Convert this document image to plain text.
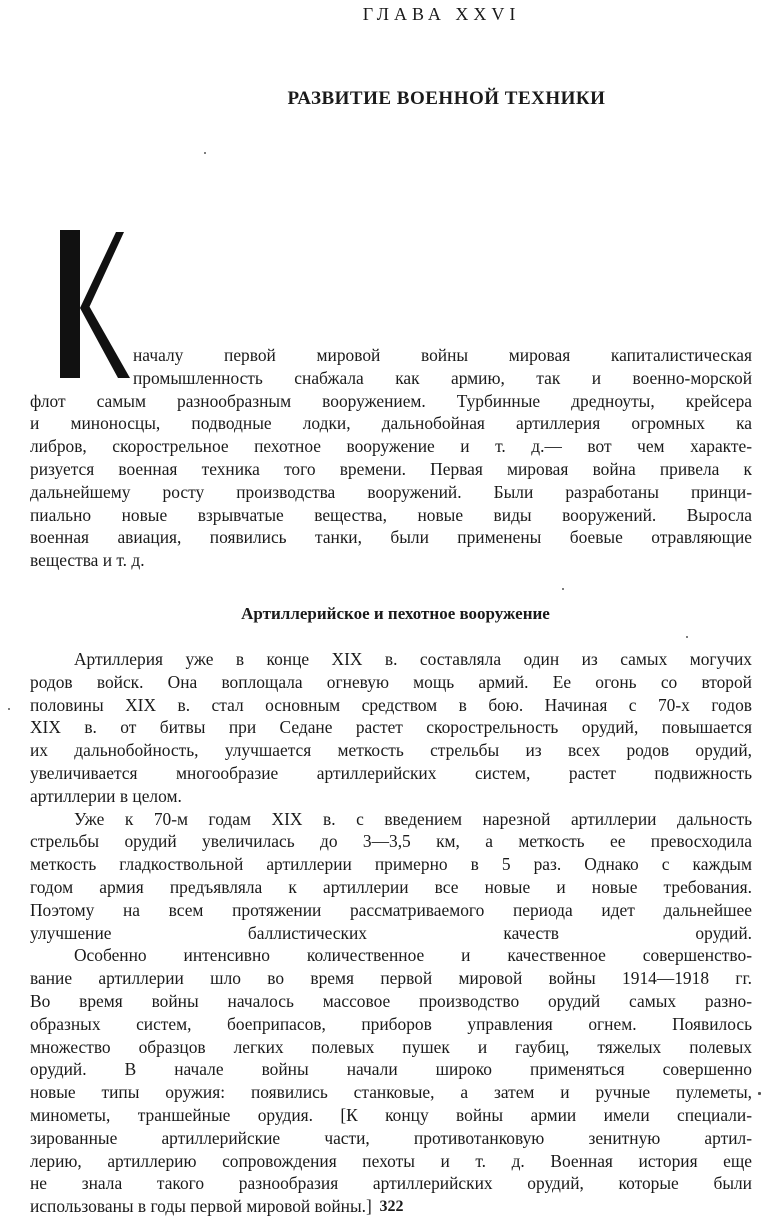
ГЛАВА XXVI
РАЗВИТИЕ ВОЕННОЙ ТЕХНИКИ
началу первой мировой войны мировая капиталистическая
промышленность снабжала как армию, так и военно-морской
флот самым разнообразным вооружением. Турбинные дредноуты, крейсера
и миноносцы, подводные лодки, дальнобойная артиллерия огромных ка
либров, скорострельное пехотное вооружение и т. д.— вот чем характе-
ризуется военная техника того времени. Первая мировая война привела к
дальнейшему росту производства вооружений. Были разработаны принци-
пиально новые взрывчатые вещества, новые виды вооружений. Выросла
военная авиация, появились танки, были применены боевые отравляющие
вещества и т. д.
Артиллерийское и пехотное вооружение
Артиллерия уже в конце XIX в. составляла один из самых могучих
родов войск. Она воплощала огневую мощь армий. Ее огонь со второй
половины XIX в. стал основным средством в бою. Начиная с 70-х годов
XIX в. от битвы при Седане растет скорострельность орудий, повышается
их дальнобойность, улучшается меткость стрельбы из всех родов орудий,
увеличивается многообразие артиллерийских систем, растет подвижность
артиллерии в целом.
Уже к 70-м годам XIX в. с введением нарезной артиллерии дальность
стрельбы орудий увеличилась до 3—3,5 км, а меткость ее превосходила
меткость гладкоствольной артиллерии примерно в 5 раз. Однако с каждым
годом армия предъявляла к артиллерии все новые и новые требования.
Поэтому на всем протяжении рассматриваемого периода идет дальнейшее
улучшение баллистических качеств орудий.
Особенно интенсивно количественное и качественное совершенство-
вание артиллерии шло во время первой мировой войны 1914—1918 гг.
Во время войны началось массовое производство орудий самых разно-
образных систем, боеприпасов, приборов управления огнем. Появилось
множество образцов легких полевых пушек и гаубиц, тяжелых полевых
орудий. В начале войны начали широко применяться совершенно
новые типы оружия: появились станковые, а затем и ручные пулеметы,
минометы, траншейные орудия. [К концу войны армии имели специали-
зированные артиллерийские части, противотанковую зенитную артил-
лерию, артиллерию сопровождения пехоты и т. д. Военная история еще
не знала такого разнообразия артиллерийских орудий, которые были
использованы в годы первой мировой войны.] 322
